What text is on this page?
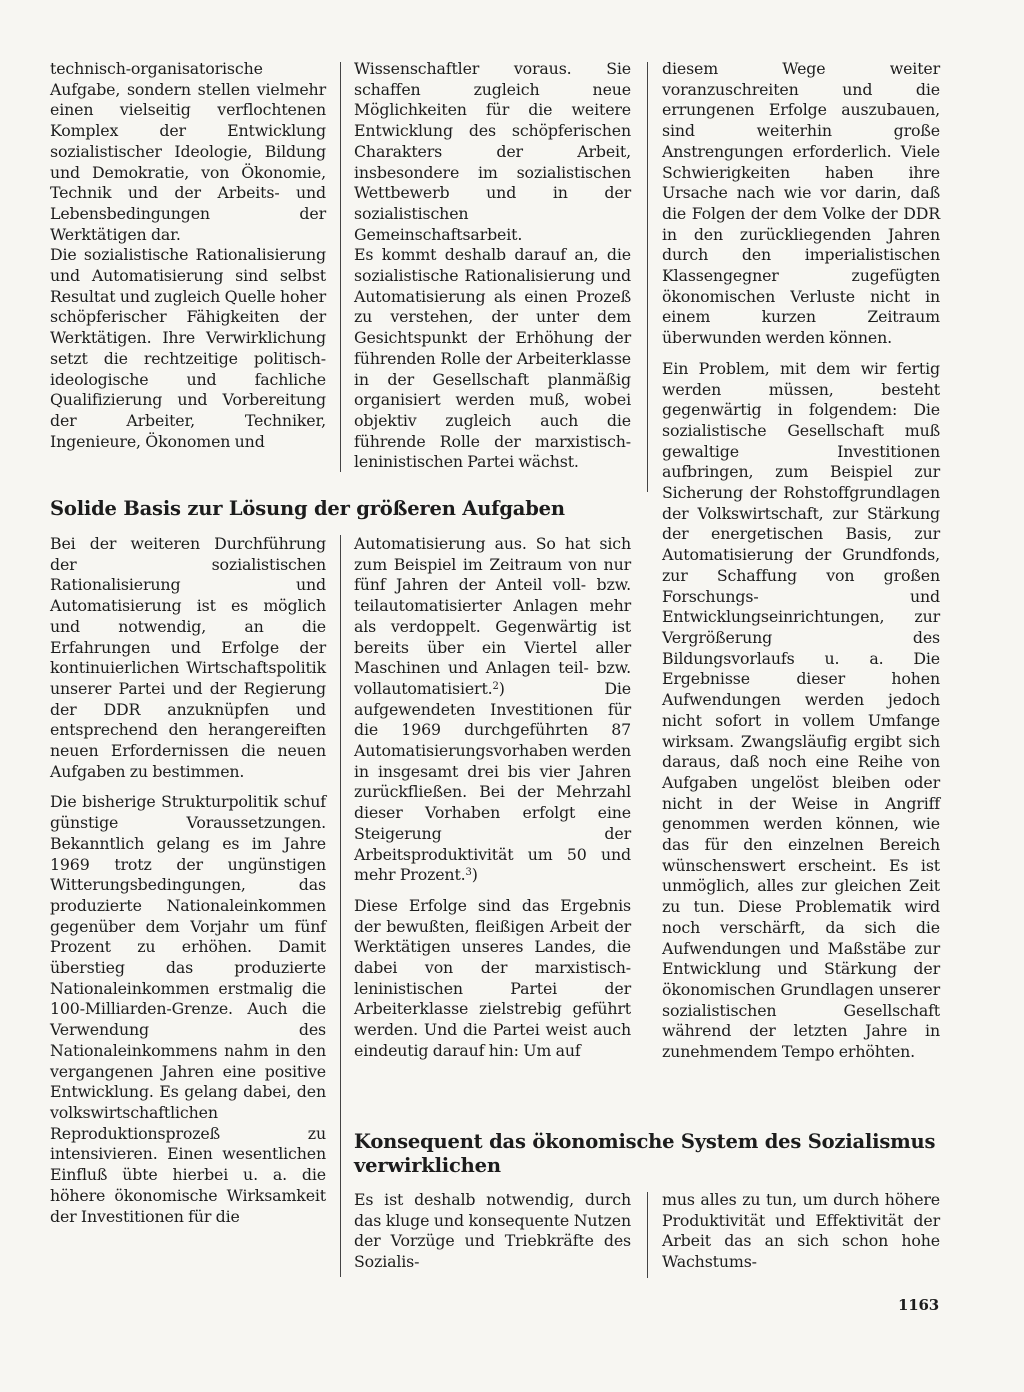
technisch-organisatorische Aufgabe, sondern stellen vielmehr einen vielseitig verflochtenen Komplex der Entwicklung sozialistischer Ideologie, Bildung und Demokratie, von Ökonomie, Technik und der Arbeits- und Lebensbedingungen der Werktätigen dar.

Die sozialistische Rationalisierung und Automatisierung sind selbst Resultat und zugleich Quelle hoher schöpferischer Fähigkeiten der Werktätigen. Ihre Verwirklichung setzt die rechtzeitige politisch-ideologische und fachliche Qualifizierung und Vorbereitung der Arbeiter, Techniker, Ingenieure, Ökonomen und

Wissenschaftler voraus. Sie schaffen zugleich neue Möglichkeiten für die weitere Entwicklung des schöpferischen Charakters der Arbeit, insbesondere im sozialistischen Wettbewerb und in der sozialistischen Gemeinschaftsarbeit.

Es kommt deshalb darauf an, die sozialistische Rationalisierung und Automatisierung als einen Prozeß zu verstehen, der unter dem Gesichtspunkt der Erhöhung der führenden Rolle der Arbeiterklasse in der Gesellschaft planmäßig organisiert werden muß, wobei objektiv zugleich auch die führende Rolle der marxistisch-leninistischen Partei wächst.

diesem Wege weiter voranzuschreiten und die errungenen Erfolge auszubauen, sind weiterhin große Anstrengungen erforderlich. Viele Schwierigkeiten haben ihre Ursache nach wie vor darin, daß die Folgen der dem Volke der DDR in den zurückliegenden Jahren durch den imperialistischen Klassengegner zugefügten ökonomischen Verluste nicht in einem kurzen Zeitraum überwunden werden können.

Ein Problem, mit dem wir fertig werden müssen, besteht gegenwärtig in folgendem: Die sozialistische Gesellschaft muß gewaltige Investitionen aufbringen, zum Beispiel zur Sicherung der Rohstoffgrundlagen der Volkswirtschaft, zur Stärkung der energetischen Basis, zur Automatisierung der Grundfonds, zur Schaffung von großen Forschungs- und Entwicklungseinrichtungen, zur Vergrößerung des Bildungsvorlaufs u. a. Die Ergebnisse dieser hohen Aufwendungen werden jedoch nicht sofort in vollem Umfange wirksam. Zwangsläufig ergibt sich daraus, daß noch eine Reihe von Aufgaben ungelöst bleiben oder nicht in der Weise in Angriff genommen werden können, wie das für den einzelnen Bereich wünschenswert erscheint. Es ist unmöglich, alles zur gleichen Zeit zu tun. Diese Problematik wird noch verschärft, da sich die Aufwendungen und Maßstäbe zur Entwicklung und Stärkung der ökonomischen Grundlagen unserer sozialistischen Gesellschaft während der letzten Jahre in zunehmendem Tempo erhöhten.

Solide Basis zur Lösung der größeren Aufgaben

Bei der weiteren Durchführung der sozialistischen Rationalisierung und Automatisierung ist es möglich und notwendig, an die Erfahrungen und Erfolge der kontinuierlichen Wirtschaftspolitik unserer Partei und der Regierung der DDR anzuknüpfen und entsprechend den herangereiften neuen Erfordernissen die neuen Aufgaben zu bestimmen.

Die bisherige Strukturpolitik schuf günstige Voraussetzungen. Bekanntlich gelang es im Jahre 1969 trotz der ungünstigen Witterungsbedingungen, das produzierte Nationaleinkommen gegenüber dem Vorjahr um fünf Prozent zu erhöhen. Damit überstieg das produzierte Nationaleinkommen erstmalig die 100-Milliarden-Grenze. Auch die Verwendung des Nationaleinkommens nahm in den vergangenen Jahren eine positive Entwicklung. Es gelang dabei, den volkswirtschaftlichen Reproduktionsprozeß zu intensivieren. Einen wesentlichen Einfluß übte hierbei u. a. die höhere ökonomische Wirksamkeit der Investitionen für die

Automatisierung aus. So hat sich zum Beispiel im Zeitraum von nur fünf Jahren der Anteil voll- bzw. teilautomatisierter Anlagen mehr als verdoppelt. Gegenwärtig ist bereits über ein Viertel aller Maschinen und Anlagen teil- bzw. vollautomatisiert.$^2$) Die aufgewendeten Investitionen für die 1969 durchgeführten 87 Automatisierungsvorhaben werden in insgesamt drei bis vier Jahren zurückfließen. Bei der Mehrzahl dieser Vorhaben erfolgt eine Steigerung der Arbeitsproduktivität um 50 und mehr Prozent.$^3$)

Diese Erfolge sind das Ergebnis der bewußten, fleißigen Arbeit der Werktätigen unseres Landes, die dabei von der marxistisch-leninistischen Partei der Arbeiterklasse zielstrebig geführt werden. Und die Partei weist auch eindeutig darauf hin: Um auf

Konsequent das ökonomische System des Sozialismus verwirklichen

Es ist deshalb notwendig, durch das kluge und konsequente Nutzen der Vorzüge und Triebkräfte des Sozialis-

mus alles zu tun, um durch höhere Produktivität und Effektivität der Arbeit das an sich schon hohe Wachstums-

1163
